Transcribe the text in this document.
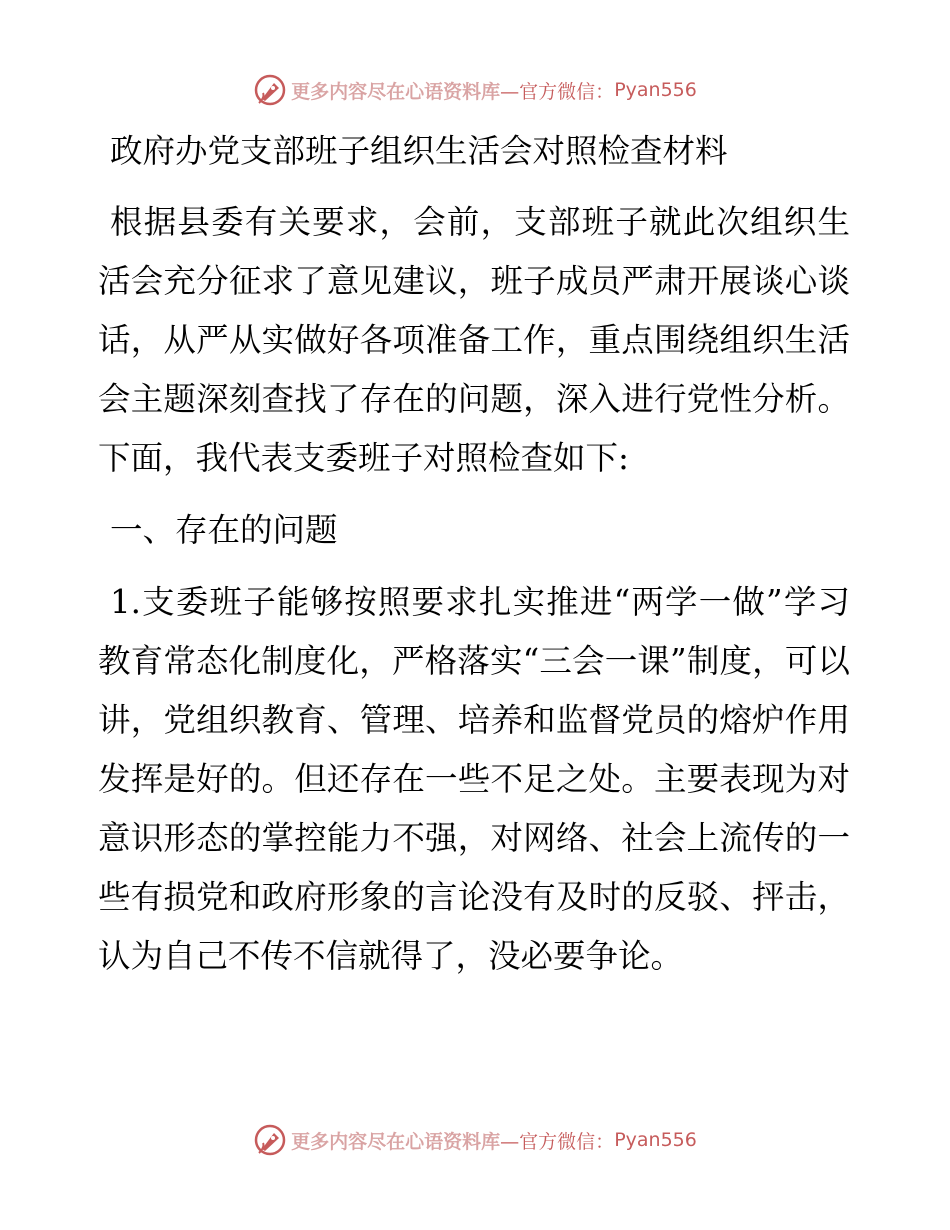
更多内容尽在心语资料库 —官方微信： Pyan556

政府办党支部班子组织生活会对照检查材料

根据县委有关要求，会前，支部班子就此次组织生活会充分征求了意见建议，班子成员严肃开展谈心谈话，从严从实做好各项准备工作，重点围绕组织生活会主题深刻查找了存在的问题，深入进行党性分析。下面，我代表支委班子对照检查如下:

一、存在的问题

1.支委班子能够按照要求扎实推进“两学一做”学习教育常态化制度化，严格落实“三会一课”制度，可以讲，党组织教育、管理、培养和监督党员的熔炉作用发挥是好的。但还存在一些不足之处。主要表现为对意识形态的掌控能力不强，对网络、社会上流传的一些有损党和政府形象的言论没有及时的反驳、抨击，认为自己不传不信就得了，没必要争论。

更多内容尽在心语资料库 —官方微信： Pyan556
